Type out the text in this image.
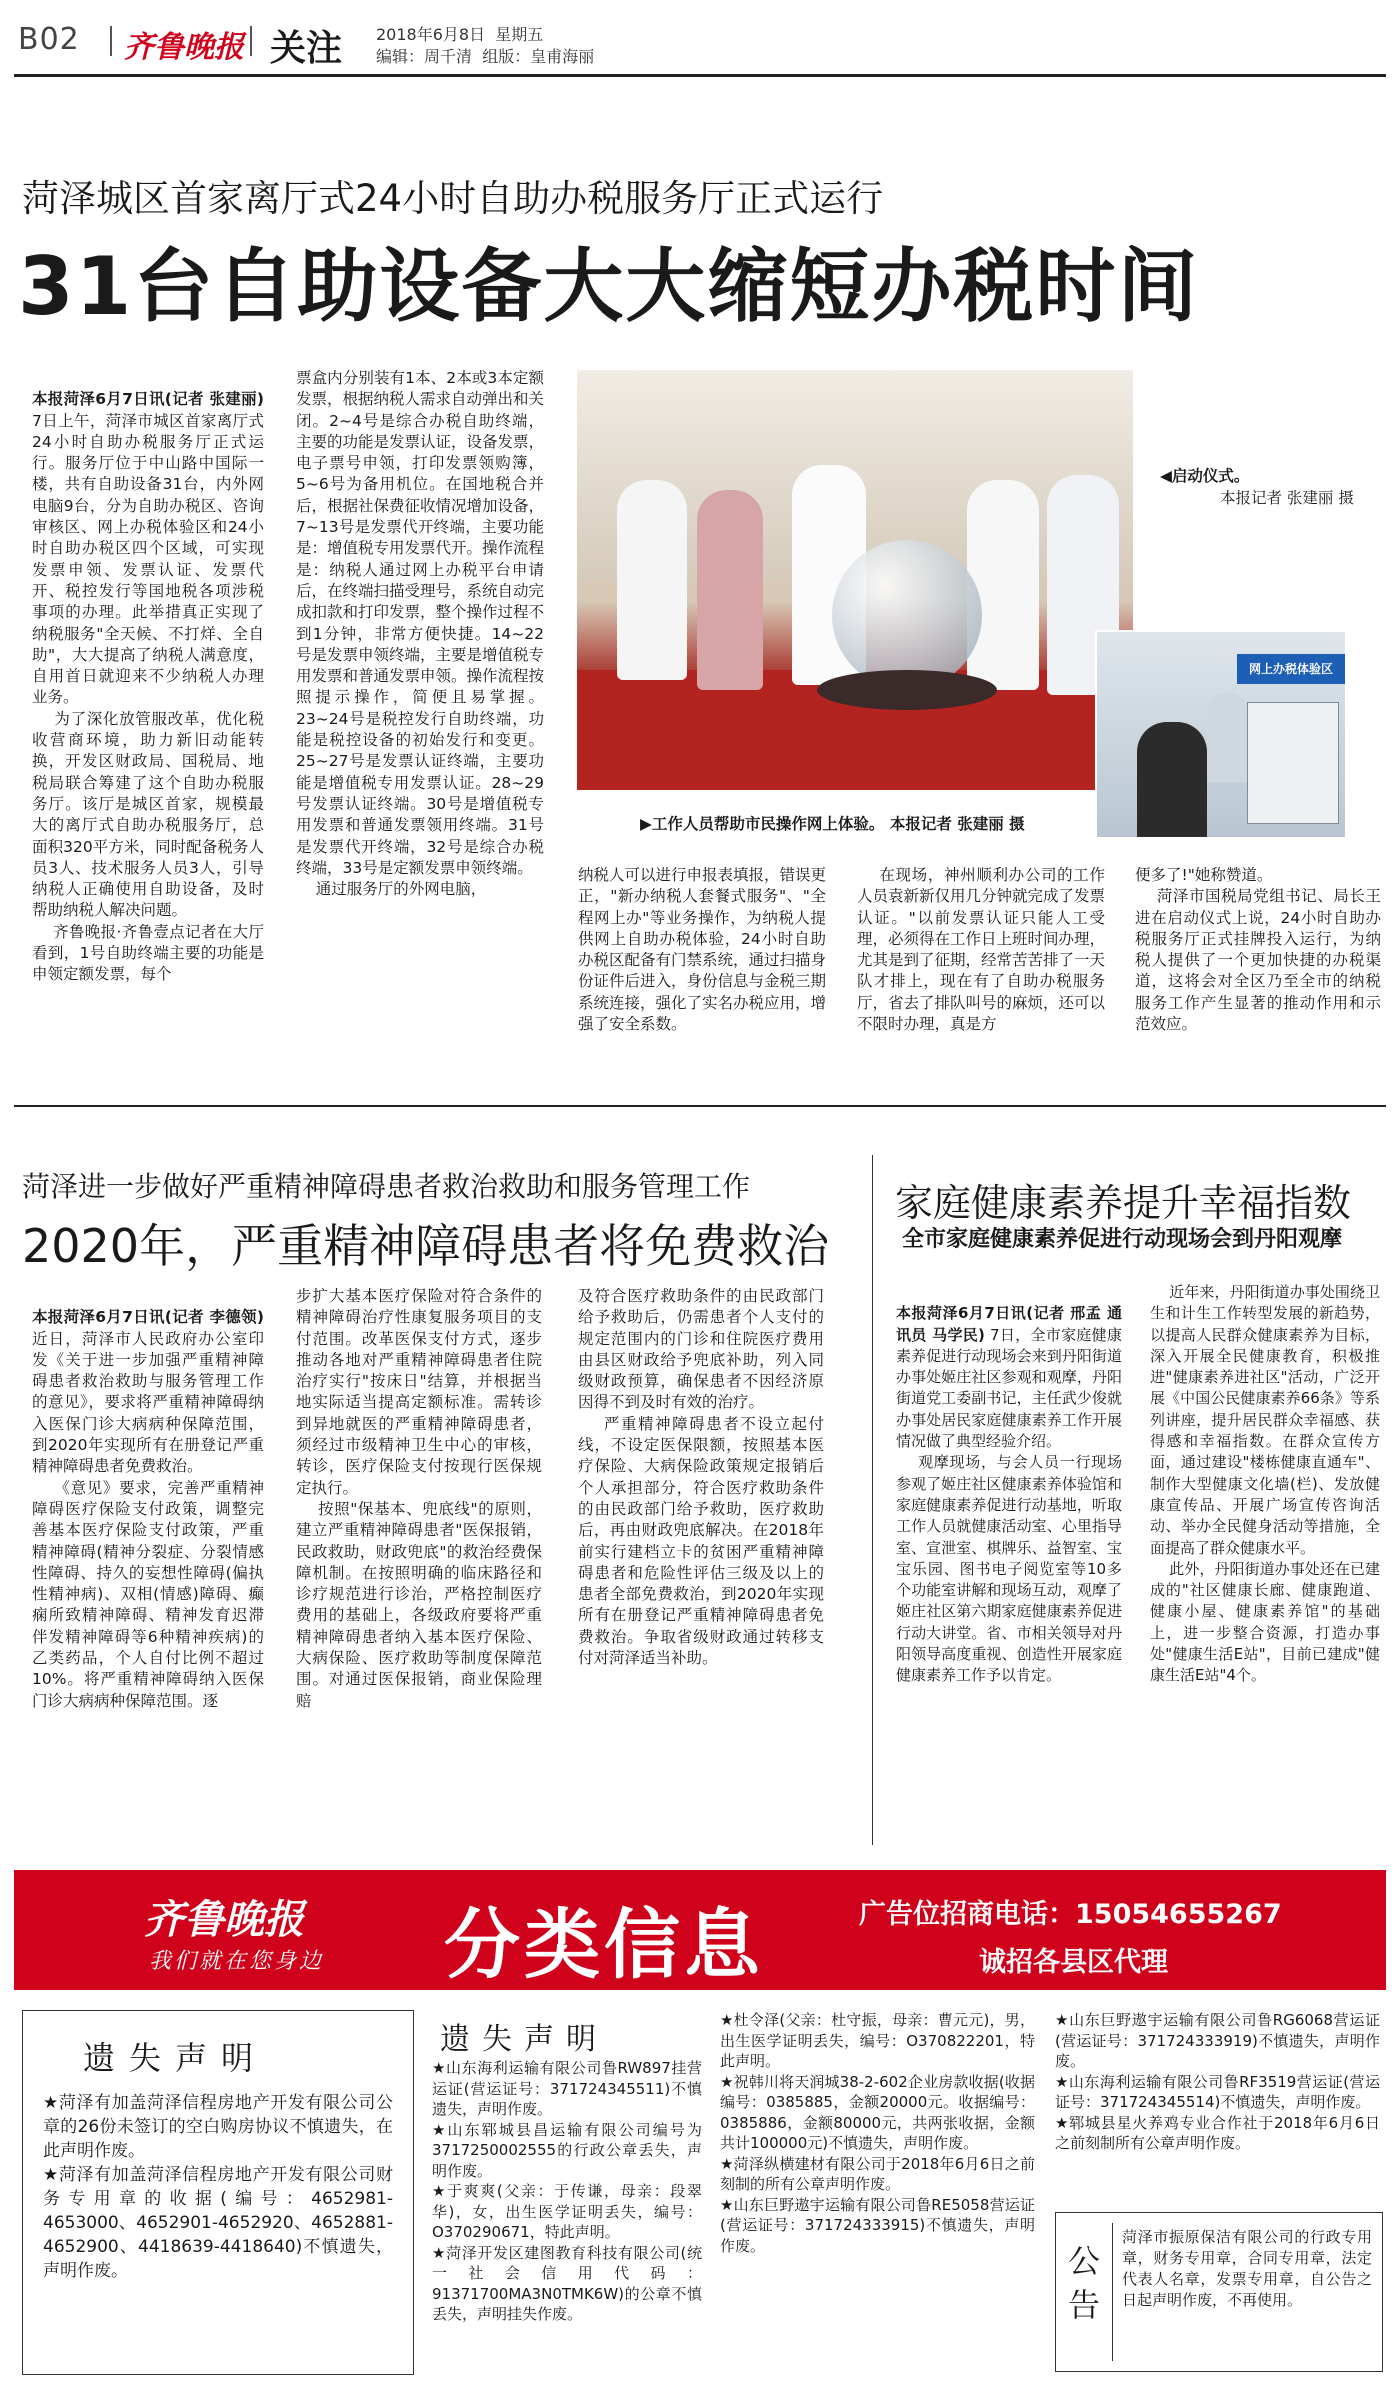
B02 齐鲁晚报 关注 2018年6月8日 星期五
编辑：周千清 组版：皇甫海丽
菏泽城区首家离厅式24小时自助办税服务厅正式运行
31台自助设备大大缩短办税时间

本报菏泽6月7日讯(记者 张建丽) 7日上午，菏泽市城区首家离厅式24小时自助办税服务厅正式运行。服务厅位于中山路中国际一楼，共有自助设备31台，内外网电脑9台，分为自助办税区、咨询审核区、网上办税体验区和24小时自助办税区四个区域，可实现发票申领、发票认证、发票代开、税控发行等国地税各项涉税事项的办理。此举措真正实现了纳税服务"全天候、不打烊、全自助"，大大提高了纳税人满意度，自用首日就迎来不少纳税人办理业务。
为了深化放管服改革，优化税收营商环境，助力新旧动能转换，开发区财政局、国税局、地税局联合筹建了这个自助办税服务厅。该厅是城区首家，规模最大的离厅式自助办税服务厅，总面积320平方米，同时配备税务人员3人、技术服务人员3人，引导纳税人正确使用自助设备，及时帮助纳税人解决问题。
齐鲁晚报·齐鲁壹点记者在大厅看到，1号自助终端主要的功能是申领定额发票，每个
票盒内分别装有1本、2本或3本定额发票，根据纳税人需求自动弹出和关闭。2~4号是综合办税自助终端，主要的功能是发票认证，设备发票，电子票号申领，打印发票领购簿，5~6号为备用机位。在国地税合并后，根据社保费征收情况增加设备，7~13号是发票代开终端，主要功能是：增值税专用发票代开。操作流程是：纳税人通过网上办税平台申请后，在终端扫描受理号，系统自动完成扣款和打印发票，整个操作过程不到1分钟，非常方便快捷。14~22号是发票申领终端，主要是增值税专用发票和普通发票申领。操作流程按照提示操作，简便且易掌握。23~24号是税控发行自助终端，功能是税控设备的初始发行和变更。25~27号是发票认证终端，主要功能是增值税专用发票认证。28~29号发票认证终端。30号是增值税专用发票和普通发票领用终端。31号是发票代开终端，32号是综合办税终端，33号是定额发票申领终端。
通过服务厅的外网电脑，
网上办税体验区
◀启动仪式。

本报记者 张建丽 摄
▶工作人员帮助市民操作网上体验。 本报记者 张建丽 摄
纳税人可以进行申报表填报，错误更正，"新办纳税人套餐式服务"、"全程网上办"等业务操作，为纳税人提供网上自助办税体验，24小时自助办税区配备有门禁系统，通过扫描身份证件后进入，身份信息与金税三期系统连接，强化了实名办税应用，增强了安全系数。
在现场，神州顺利办公司的工作人员袁新新仅用几分钟就完成了发票认证。"以前发票认证只能人工受理，必须得在工作日上班时间办理，尤其是到了征期，经常苦苦排了一天队才排上，现在有了自助办税服务厅，省去了排队叫号的麻烦，还可以不限时办理，真是方
便多了!"她称赞道。
菏泽市国税局党组书记、局长王进在启动仪式上说，24小时自助办税服务厅正式挂牌投入运行，为纳税人提供了一个更加快捷的办税渠道，这将会对全区乃至全市的纳税服务工作产生显著的推动作用和示范效应。
菏泽进一步做好严重精神障碍患者救治救助和服务管理工作
2020年，严重精神障碍患者将免费救治

本报菏泽6月7日讯(记者 李德领) 近日，菏泽市人民政府办公室印发《关于进一步加强严重精神障碍患者救治救助与服务管理工作的意见》，要求将严重精神障碍纳入医保门诊大病病种保障范围，到2020年实现所有在册登记严重精神障碍患者免费救治。
《意见》要求，完善严重精神障碍医疗保险支付政策，调整完善基本医疗保险支付政策，严重精神障碍(精神分裂症、分裂情感性障碍、持久的妄想性障碍(偏执性精神病)、双相(情感)障碍、癫痫所致精神障碍、精神发育迟滞伴发精神障碍等6种精神疾病)的乙类药品，个人自付比例不超过10%。将严重精神障碍纳入医保门诊大病病种保障范围。逐
步扩大基本医疗保险对符合条件的精神障碍治疗性康复服务项目的支付范围。改革医保支付方式，逐步推动各地对严重精神障碍患者住院治疗实行"按床日"结算，并根据当地实际适当提高定额标准。需转诊到异地就医的严重精神障碍患者，须经过市级精神卫生中心的审核，转诊，医疗保险支付按现行医保规定执行。
按照"保基本、兜底线"的原则，建立严重精神障碍患者"医保报销，民政救助，财政兜底"的救治经费保障机制。在按照明确的临床路径和诊疗规范进行诊治，严格控制医疗费用的基础上，各级政府要将严重精神障碍患者纳入基本医疗保险、大病保险、医疗救助等制度保障范围。对通过医保报销，商业保险理赔
及符合医疗救助条件的由民政部门给予救助后，仍需患者个人支付的规定范围内的门诊和住院医疗费用由县区财政给予兜底补助，列入同级财政预算，确保患者不因经济原因得不到及时有效的治疗。
严重精神障碍患者不设立起付线，不设定医保限额，按照基本医疗保险、大病保险政策规定报销后个人承担部分，符合医疗救助条件的由民政部门给予救助，医疗救助后，再由财政兜底解决。在2018年前实行建档立卡的贫困严重精神障碍患者和危险性评估三级及以上的患者全部免费救治，到2020年实现所有在册登记严重精神障碍患者免费救治。争取省级财政通过转移支付对菏泽适当补助。
家庭健康素养提升幸福指数
全市家庭健康素养促进行动现场会到丹阳观摩

本报菏泽6月7日讯(记者 邢孟 通讯员 马学民) 7日，全市家庭健康素养促进行动现场会来到丹阳街道办事处姬庄社区参观和观摩，丹阳街道党工委副书记，主任武少俊就办事处居民家庭健康素养工作开展情况做了典型经验介绍。
观摩现场，与会人员一行现场参观了姬庄社区健康素养体验馆和家庭健康素养促进行动基地，听取工作人员就健康活动室、心里指导室、宣泄室、棋牌乐、益智室、宝宝乐园、图书电子阅览室等10多个功能室讲解和现场互动，观摩了姬庄社区第六期家庭健康素养促进行动大讲堂。省、市相关领导对丹阳领导高度重视、创造性开展家庭健康素养工作予以肯定。
近年来，丹阳街道办事处围绕卫生和计生工作转型发展的新趋势，以提高人民群众健康素养为目标，深入开展全民健康教育，积极推进"健康素养进社区"活动，广泛开展《中国公民健康素养66条》等系列讲座，提升居民群众幸福感、获得感和幸福指数。在群众宣传方面，通过建设"楼栋健康直通车"、制作大型健康文化墙(栏)、发放健康宣传品、开展广场宣传咨询活动、举办全民健身活动等措施，全面提高了群众健康水平。
此外，丹阳街道办事处还在已建成的"社区健康长廊、健康跑道、健康小屋、健康素养馆"的基础上，进一步整合资源，打造办事处"健康生活E站"，目前已建成"健康生活E站"4个。
齐鲁晚报
我们就在您身边 分类信息	广告位招商电话：15054655267
诚招各县区代理
遗失声明
★菏泽有加盖菏泽信程房地产开发有限公司公章的26份未签订的空白购房协议不慎遗失，在此声明作废。
★菏泽有加盖菏泽信程房地产开发有限公司财务专用章的收据(编号：4652981-4653000、4652901-4652920、4652881-4652900、4418639-4418640)不慎遗失，声明作废。
遗失声明
★山东海利运输有限公司鲁RW897挂营运证(营运证号：371724345511)不慎遗失，声明作废。
★山东郓城县昌运输有限公司编号为3717250002555的行政公章丢失，声明作废。
★于爽爽(父亲：于传谦，母亲：段翠华)，女，出生医学证明丢失，编号：O370290671，特此声明。
★菏泽开发区建图教育科技有限公司(统一社会信用代码：91371700MA3N0TMK6W)的公章不慎丢失，声明挂失作废。
★杜令泽(父亲：杜守振，母亲：曹元元)，男，出生医学证明丢失，编号：O370822201，特此声明。
★祝韩川将天润城38-2-602企业房款收据(收据编号：0385885，金额20000元。收据编号：0385886，金额80000元，共两张收据，金额共计100000元)不慎遗失，声明作废。
★菏泽纵横建材有限公司于2018年6月6日之前刻制的所有公章声明作废。
★山东巨野遨宇运输有限公司鲁RE5058营运证(营运证号：371724333915)不慎遗失，声明作废。
★山东巨野遨宇运输有限公司鲁RG6068营运证(营运证号：371724333919)不慎遗失，声明作废。
★山东海利运输有限公司鲁RF3519营运证(营运证号：371724345514)不慎遗失，声明作废。
★郓城县星火养鸡专业合作社于2018年6月6日之前刻制所有公章声明作废。
公告
菏泽市振原保洁有限公司的行政专用章，财务专用章，合同专用章，法定代表人名章，发票专用章，自公告之日起声明作废，不再使用。
